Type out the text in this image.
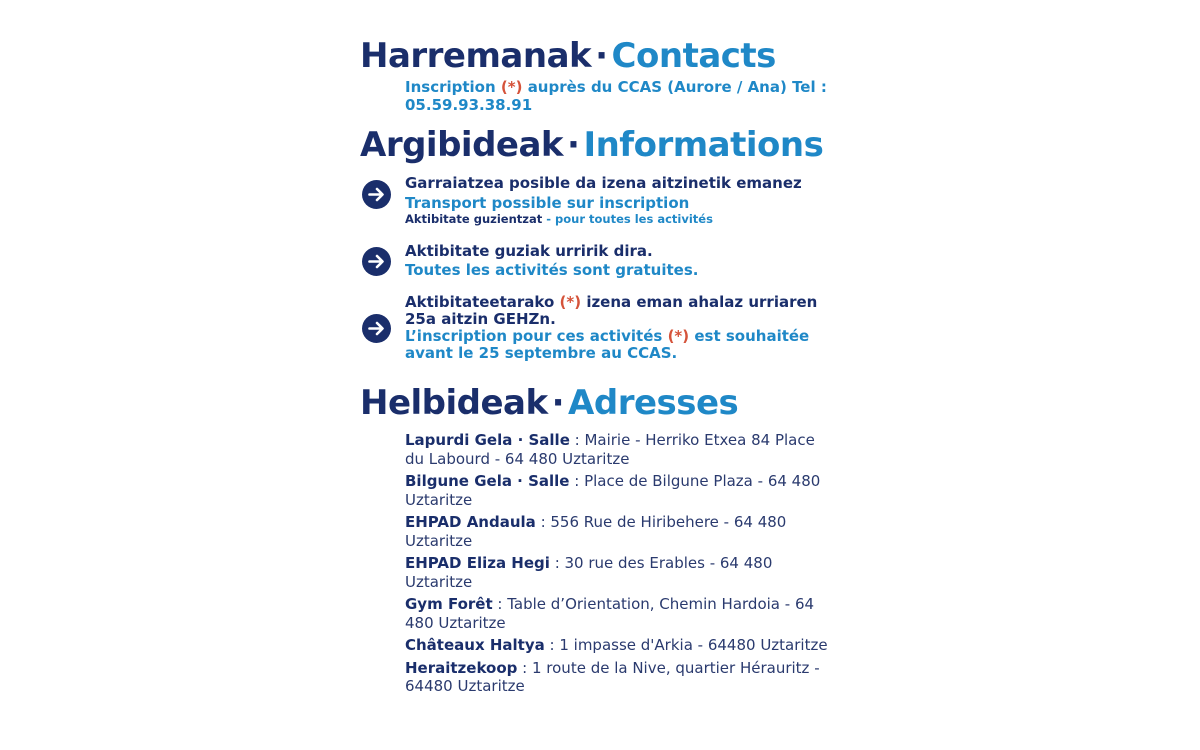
Harremanak · Contacts
Inscription (*) auprès du CCAS (Aurore / Ana) Tel :
05.59.93.38.91
Argibideak · Informations
Garraiatzea posible da izena aitzinetik emanez
Transport possible sur inscription
Aktibitate guzientzat - pour toutes les activités
Aktibitate guziak urririk dira.
Toutes les activités sont gratuites.
Aktibitateetarako (*) izena eman ahalaz urriaren 25a aitzin GEHZn.
L’inscription pour ces activités (*) est souhaitée avant le 25 septembre au CCAS.
Helbideak · Adresses
Lapurdi Gela · Salle : Mairie - Herriko Etxea 84 Place du Labourd - 64 480 Uztaritze
Bilgune Gela · Salle : Place de Bilgune Plaza - 64 480 Uztaritze
EHPAD Andaula : 556 Rue de Hiribehere - 64 480 Uztaritze
EHPAD Eliza Hegi : 30 rue des Erables - 64 480 Uztaritze
Gym Forêt : Table d’Orientation, Chemin Hardoia - 64 480 Uztaritze
Châteaux Haltya : 1 impasse d'Arkia - 64480 Uztaritze
Heraitzekoop : 1 route de la Nive, quartier Hérauritz - 64480 Uztaritze
